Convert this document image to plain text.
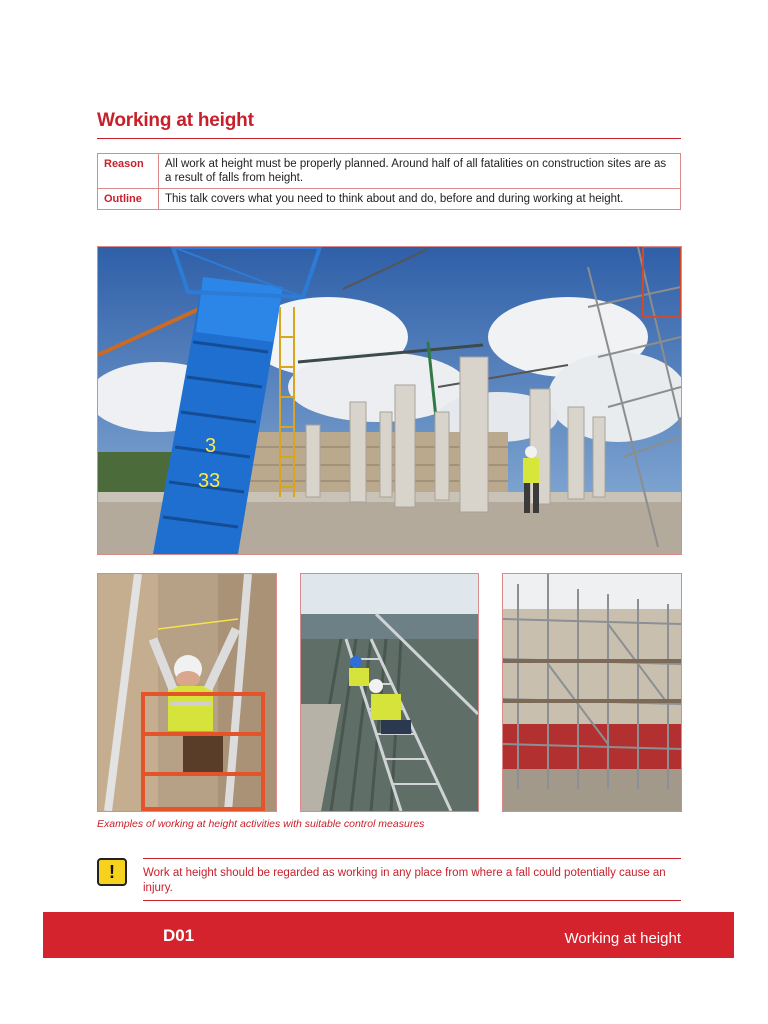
Working at height
Reason	All work at height must be properly planned. Around half of all fatalities on construction sites are as a result of falls from height.
Outline	This talk covers what you need to think about and do, before and during working at height.
3
33
Examples of working at height activities with suitable control measures
!	Work at height should be regarded as working in any place from where a fall could potentially cause an injury.
D01	Working at height
